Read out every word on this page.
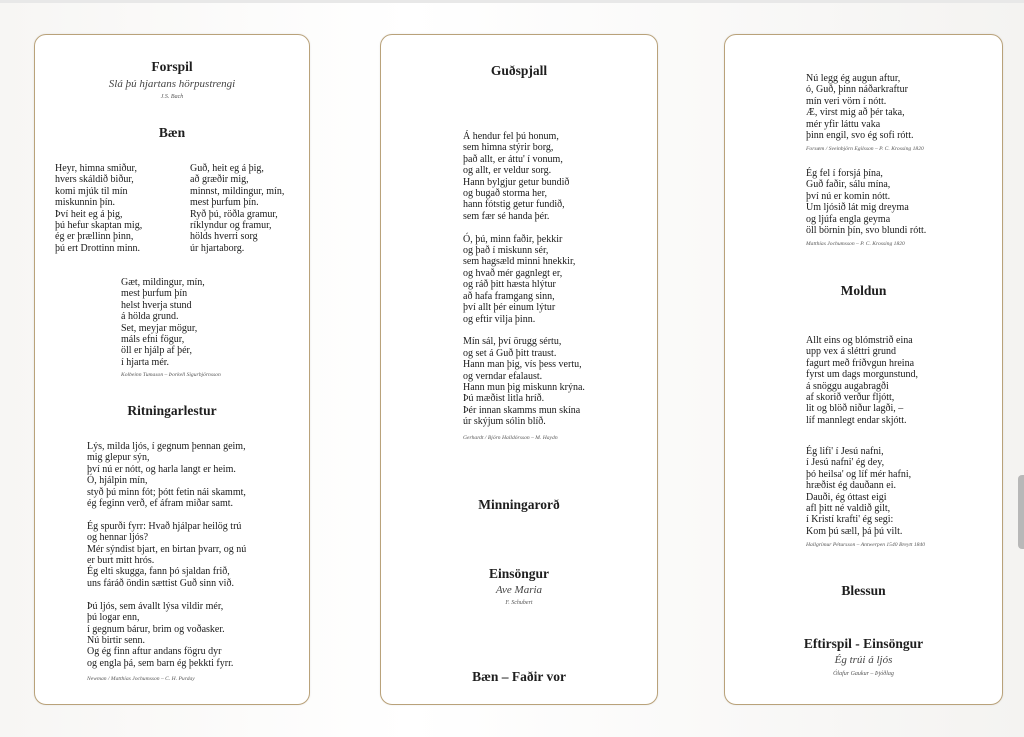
Forspil
Slá þú hjartans hörpustrengi
J.S. Bach
Bæn
Heyr, himna smiður,
hvers skáldið biður,
komi mjúk til mín
miskunnin þín.
Því heit eg á þig,
þú hefur skaptan mig,
ég er þrællinn þinn,
þú ert Drottinn minn.
Guð, heit eg á þig,
að græðir mig,
minnst, mildingur, mín,
mest þurfum þín.
Ryð þú, röðla gramur,
ríklyndur og framur,
hölds hverri sorg
úr hjartaborg.
Gæt, mildingur, mín,
mest þurfum þín
helst hverja stund
á hölda grund.
Set, meyjar mögur,
máls efni fögur,
öll er hjálp af þér,
í hjarta mér.
Kolbeinn Tumason – Þorkell Sigurbjörnsson
Ritningarlestur
Lýs, milda ljós, í gegnum þennan geim,
mig glepur sýn,
því nú er nótt, og harla langt er heim.
Ó, hjálpin mín,
styð þú minn fót; þótt fetin nái skammt,
ég feginn verð, ef áfram miðar samt.

Ég spurði fyrr: Hvað hjálpar heilög trú
og hennar ljós?
Mér sýndist bjart, en birtan þvarr, og nú
er burt mitt hrós.
Ég elti skugga, fann þó sjaldan frið,
uns fáráð öndin sættist Guð sinn við.

Þú ljós, sem ávallt lýsa vildir mér,
þú logar enn,
í gegnum bárur, brim og voðasker.
Nú birtir senn.
Og ég finn aftur andans fögru dyr
og engla þá, sem barn ég þekkti fyrr.
Newman / Matthías Jochumsson – C. H. Purday
Guðspjall
Á hendur fel þú honum,
sem himna stýrir borg,
það allt, er áttu' í vonum,
og allt, er veldur sorg.
Hann bylgjur getur bundið
og bugað storma her,
hann fótstig getur fundið,
sem fær sé handa þér.

Ó, þú, minn faðir, þekkir
og það í miskunn sér,
sem hagsæld minni hnekkir,
og hvað mér gagnlegt er,
og ráð þitt hæsta hlýtur
að hafa framgang sinn,
því allt þér einum lýtur
og eftir vilja þinn.

Mín sál, því örugg sértu,
og set á Guð þitt traust.
Hann man þig, vís þess vertu,
og verndar efalaust.
Hann mun þig miskunn krýna.
Þú mæðist litla hríð.
Þér innan skamms mun skína
úr skýjum sólin blíð.
Gerhardt / Björn Halldórsson – M. Haydn
Minningarorð
Einsöngur
Ave Maria
F. Schubert
Bæn – Faðir vor
Nú legg ég augun aftur,
ó, Guð, þinn náðarkraftur
mín veri vörn í nótt.
Æ, virst mig að þér taka,
mér yfir láttu vaka
þinn engil, svo ég sofi rótt.
Forsœm / Sveinbjörn Egilsson – P. C. Krossing 1820
Ég fel í forsjá þína,
Guð faðir, sálu mína,
því nú er komin nótt.
Um ljósið lát mig dreyma
og ljúfa engla geyma
öll börnin þín, svo blundi rótt.
Matthías Jochumsson – P. C. Krossing 1820
Moldun
Allt eins og blómstrið eina
upp vex á sléttri grund
fagurt með fríðvgun hreina
fyrst um dags morgunstund,
á snöggu augabragði
af skorið verður fljótt,
lit og blöð niður lagði, –
líf mannlegt endar skjótt.
Ég lifi' í Jesú nafni,
í Jesú nafni' ég dey,
þó heilsa' og líf mér hafni,
hræðist ég dauðann ei.
Dauði, ég óttast eigi
afl þitt né valdið gilt,
í Kristí krafti' ég segi:
Kom þú sæll, þá þú vilt.
Hallgrímur Pétursson – Antwerpen 1540 Breytt 1840
Blessun
Eftirspil - Einsöngur
Ég trúi á ljós
Ólafur Gaukur – Þjóðlag
